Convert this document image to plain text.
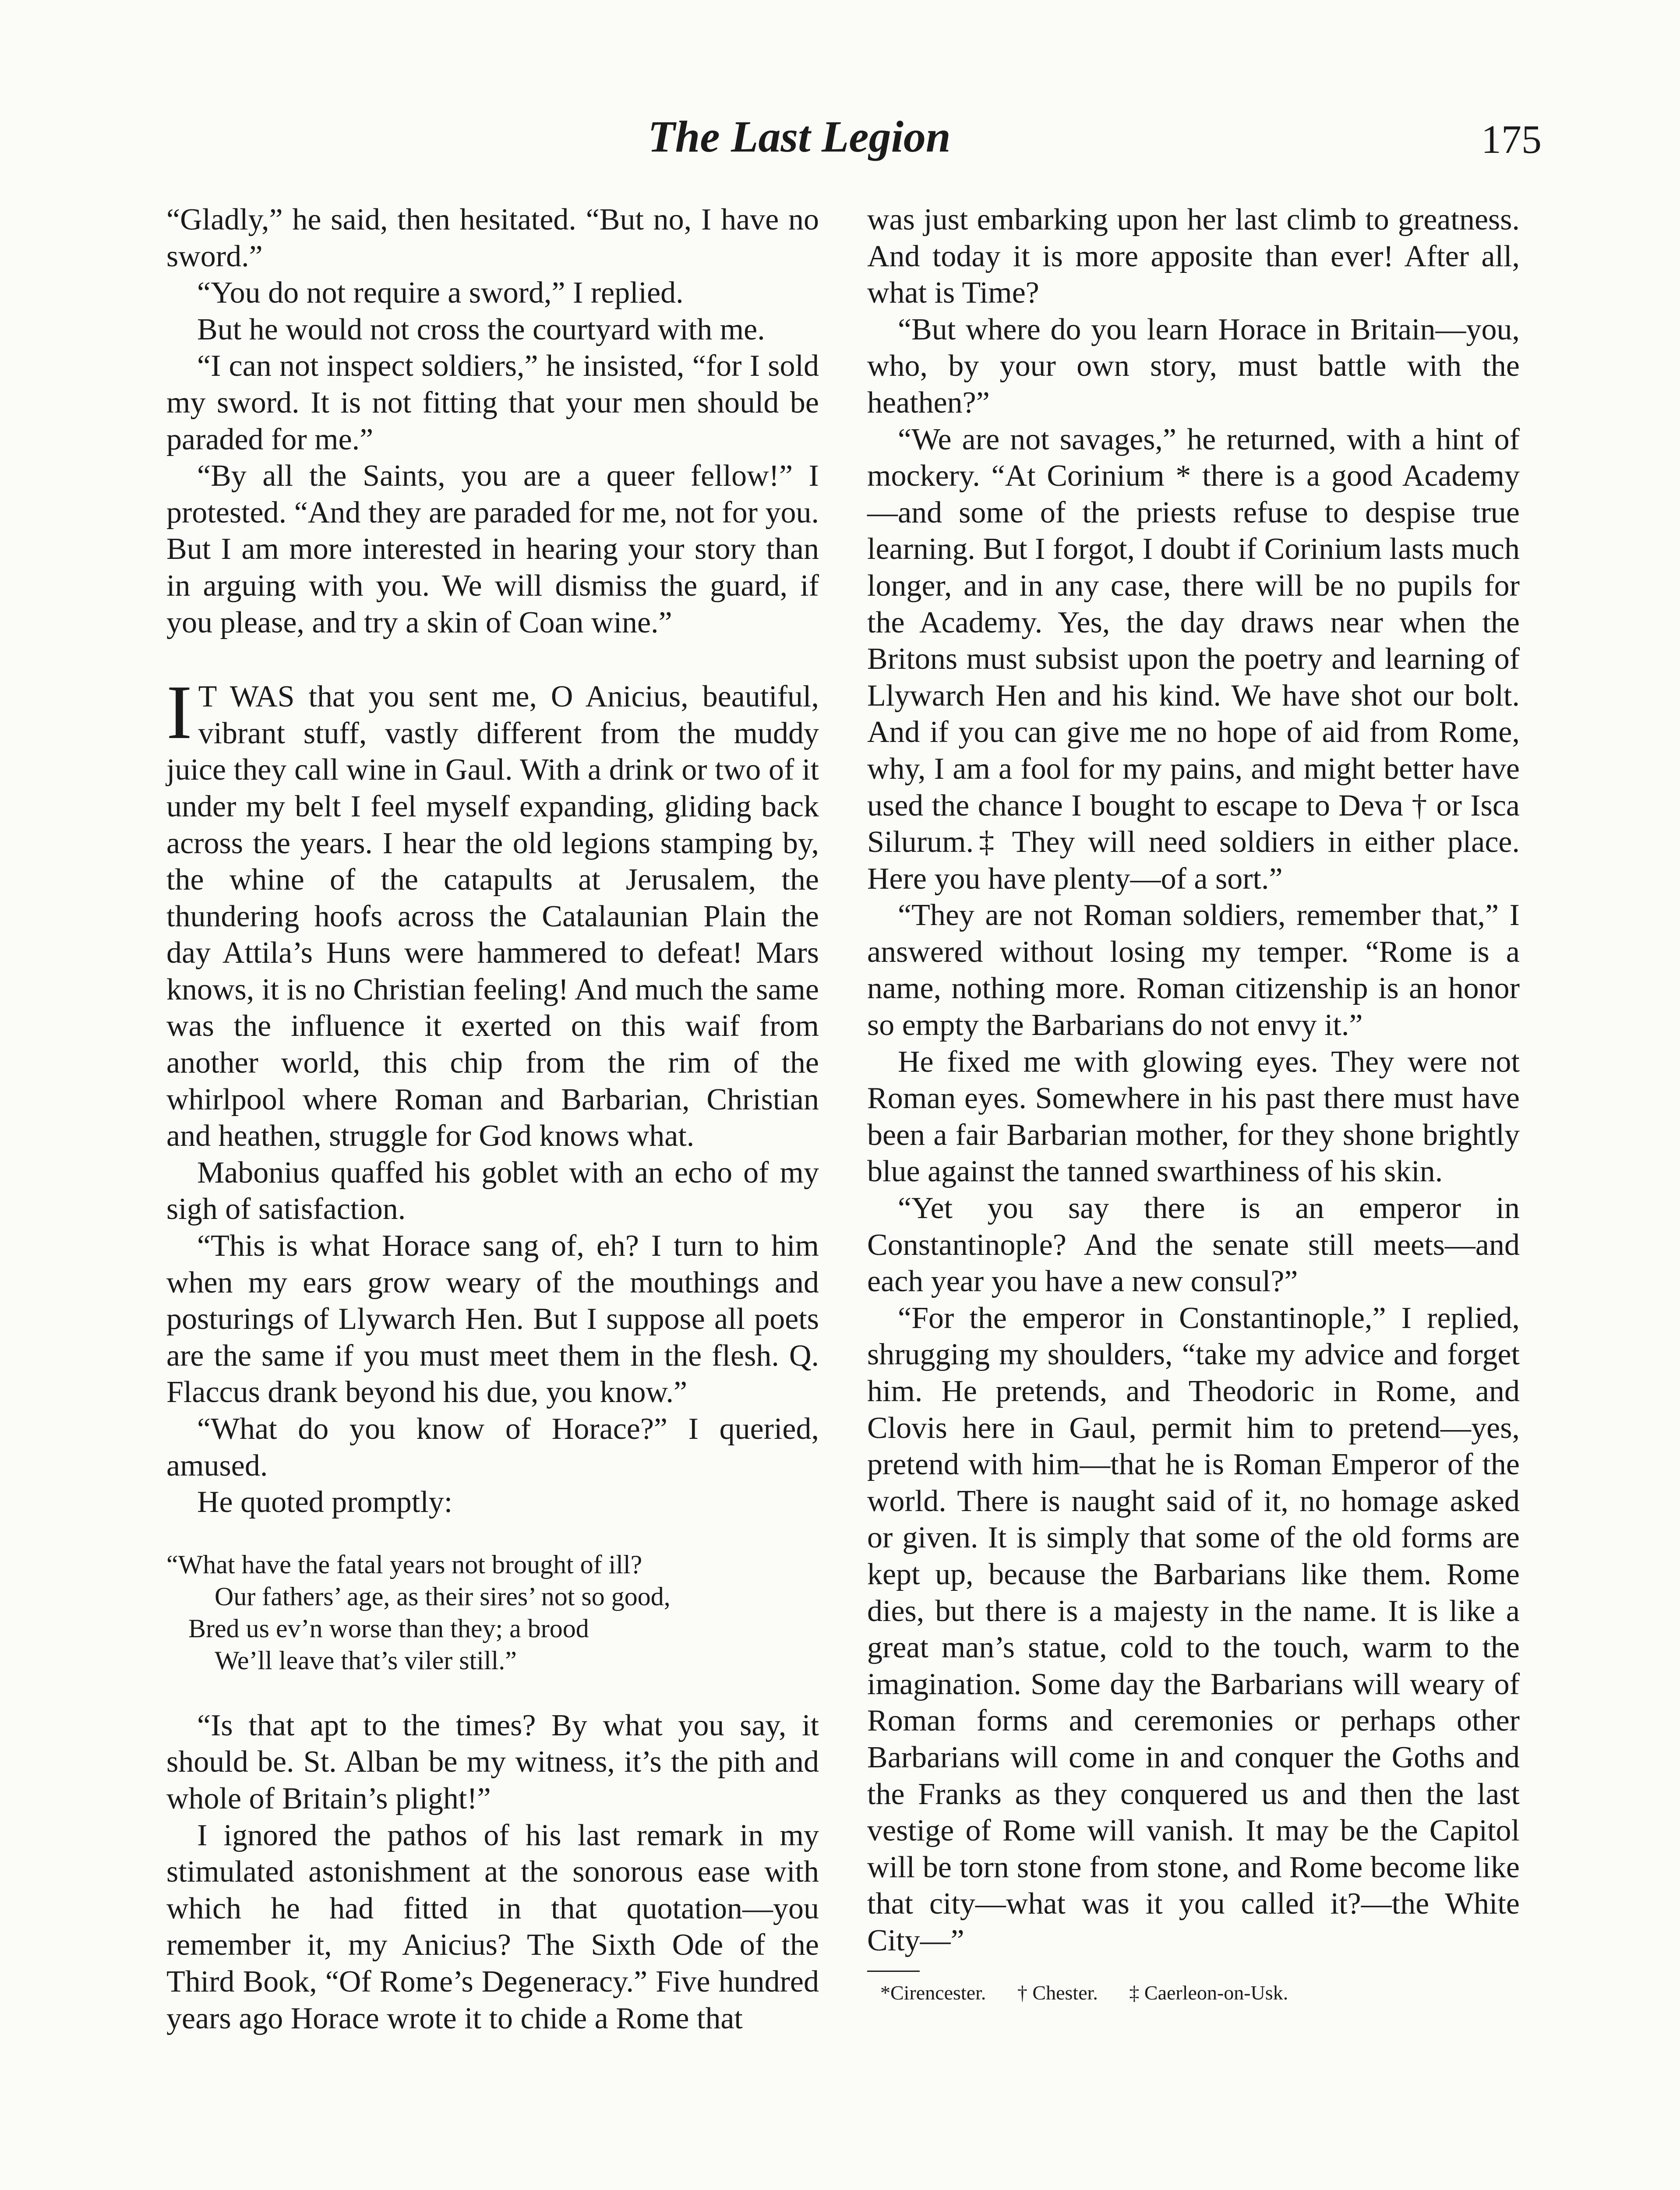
The Last Legion	175

“Gladly,” he said, then hesitated. “But no, I have no sword.”

“You do not require a sword,” I replied.

But he would not cross the courtyard with me.

“I can not inspect soldiers,” he insisted, “for I sold my sword. It is not fitting that your men should be paraded for me.”

“By all the Saints, you are a queer fellow!” I protested. “And they are paraded for me, not for you. But I am more interested in hearing your story than in arguing with you. We will dismiss the guard, if you please, and try a skin of Coan wine.”

I T WAS that you sent me, O Anicius, beautiful, vibrant stuff, vastly different from the muddy juice they call wine in Gaul. With a drink or two of it under my belt I feel myself expanding, gliding back across the years. I hear the old legions stamping by, the whine of the catapults at Jerusalem, the thundering hoofs across the Catalaunian Plain the day Attila’s Huns were hammered to defeat! Mars knows, it is no Christian feeling! And much the same was the influence it exerted on this waif from another world, this chip from the rim of the whirlpool where Roman and Barbarian, Christian and heathen, struggle for God knows what.

Mabonius quaffed his goblet with an echo of my sigh of satisfaction.

“This is what Horace sang of, eh? I turn to him when my ears grow weary of the mouthings and posturings of Llywarch Hen. But I suppose all poets are the same if you must meet them in the flesh. Q. Flaccus drank beyond his due, you know.”

“What do you know of Horace?” I queried, amused.

He quoted promptly:

“What have the fatal years not brought of ill?
Our fathers’ age, as their sires’ not so good,
Bred us ev’n worse than they; a brood
We’ll leave that’s viler still.”

“Is that apt to the times? By what you say, it should be. St. Alban be my witness, it’s the pith and whole of Britain’s plight!”

I ignored the pathos of his last remark in my stimulated astonishment at the sonorous ease with which he had fitted in that quotation—you remember it, my Anicius? The Sixth Ode of the Third Book, “Of Rome’s Degeneracy.” Five hundred years ago Horace wrote it to chide a Rome that

was just embarking upon her last climb to greatness. And today it is more apposite than ever! After all, what is Time?

“But where do you learn Horace in Britain—you, who, by your own story, must battle with the heathen?”

“We are not savages,” he returned, with a hint of mockery. “At Corinium * there is a good Academy—and some of the priests refuse to despise true learning. But I forgot, I doubt if Corinium lasts much longer, and in any case, there will be no pupils for the Academy. Yes, the day draws near when the Britons must subsist upon the poetry and learning of Llywarch Hen and his kind. We have shot our bolt. And if you can give me no hope of aid from Rome, why, I am a fool for my pains, and might better have used the chance I bought to escape to Deva † or Isca Silurum.‡ They will need soldiers in either place. Here you have plenty—of a sort.”

“They are not Roman soldiers, remember that,” I answered without losing my temper. “Rome is a name, nothing more. Roman citizenship is an honor so empty the Barbarians do not envy it.”

He fixed me with glowing eyes. They were not Roman eyes. Somewhere in his past there must have been a fair Barbarian mother, for they shone brightly blue against the tanned swarthiness of his skin.

“Yet you say there is an emperor in Constantinople? And the senate still meets—and each year you have a new consul?”

“For the emperor in Constantinople,” I replied, shrugging my shoulders, “take my advice and forget him. He pretends, and Theodoric in Rome, and Clovis here in Gaul, permit him to pretend—yes, pretend with him—that he is Roman Emperor of the world. There is naught said of it, no homage asked or given. It is simply that some of the old forms are kept up, because the Barbarians like them. Rome dies, but there is a majesty in the name. It is like a great man’s statue, cold to the touch, warm to the imagination. Some day the Barbarians will weary of Roman forms and ceremonies or perhaps other Barbarians will come in and conquer the Goths and the Franks as they conquered us and then the last vestige of Rome will vanish. It may be the Capitol will be torn stone from stone, and Rome become like that city—what was it you called it?—the White City—”

*Cirencester. † Chester. ‡ Caerleon-on-Usk.
